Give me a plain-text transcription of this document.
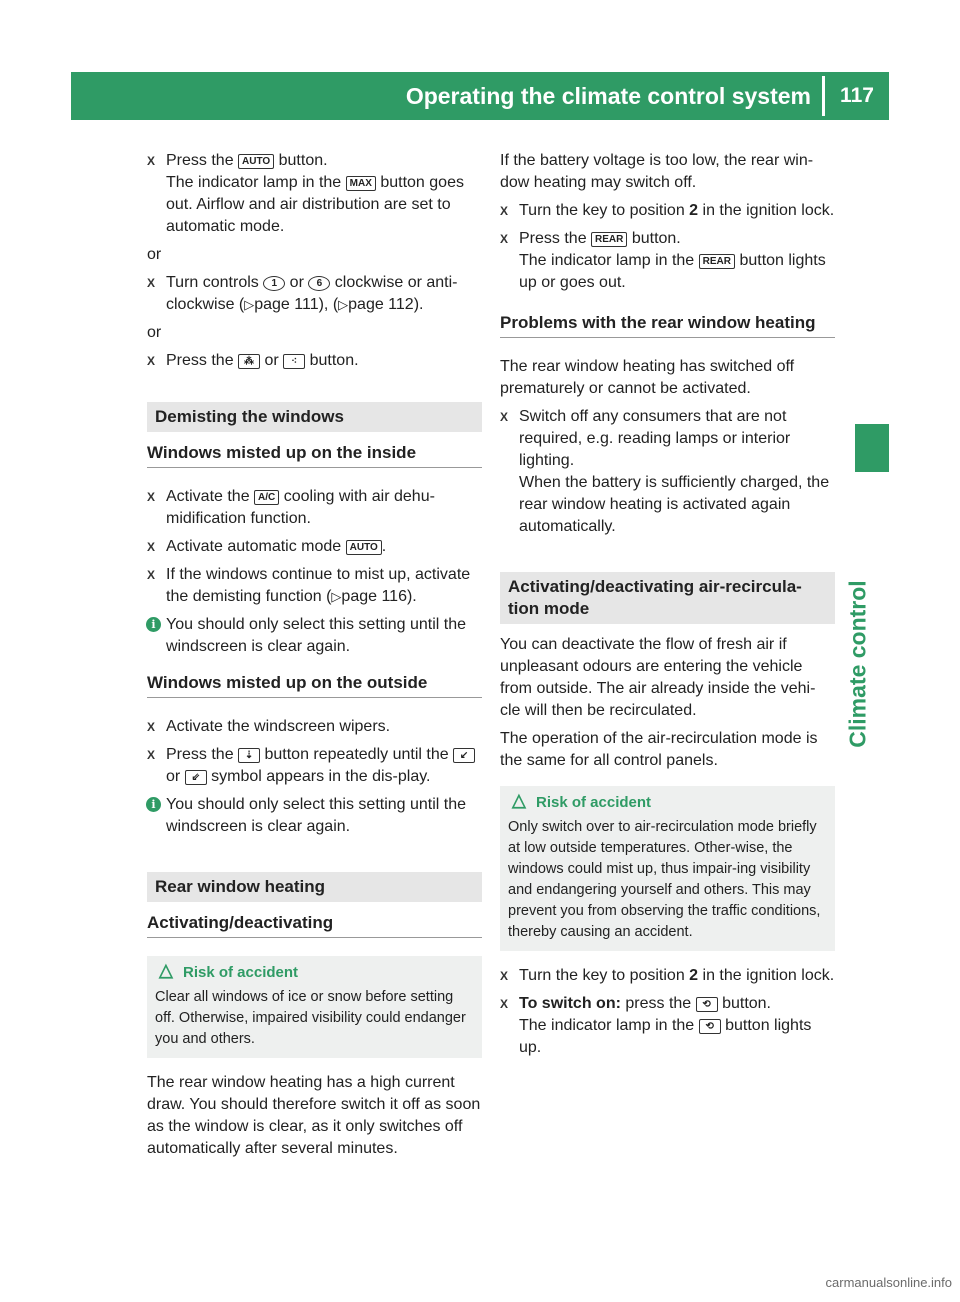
Operating the climate control system	117
Climate control
X Press the AUTO button.
The indicator lamp in the MAX button goes out. Airflow and air distribution are set to automatic mode.

or

X Turn controls 1 or 6 clockwise or anti-clockwise (▷page 111), (▷page 112).

or

X Press the ⁂ or ⁖ button.
Demisting the windows
Windows misted up on the inside
X Activate the A/C cooling with air dehu-midification function.
X Activate automatic mode AUTO .
X If the windows continue to mist up, activate the demisting function (▷page 116).
i You should only select this setting until the windscreen is clear again.
Windows misted up on the outside
X Activate the windscreen wipers.
X Press the ⇣ button repeatedly until the ↙ or ⇙ symbol appears in the dis-play.
i You should only select this setting until the windscreen is clear again.
Rear window heating
Activating/deactivating
△ Risk of accident
Clear all windows of ice or snow before setting off. Otherwise, impaired visibility could endanger you and others.

The rear window heating has a high current draw. You should therefore switch it off as soon as the window is clear, as it only switches off automatically after several minutes.

If the battery voltage is too low, the rear win-dow heating may switch off.

X Turn the key to position 2 in the ignition lock.
X Press the REAR button.
The indicator lamp in the REAR button lights up or goes out.
Problems with the rear window heating

The rear window heating has switched off prematurely or cannot be activated.

X Switch off any consumers that are not required, e.g. reading lamps or interior lighting.
When the battery is sufficiently charged, the rear window heating is activated again automatically.
Activating/deactivating air-recircula-tion mode

You can deactivate the flow of fresh air if unpleasant odours are entering the vehicle from outside. The air already inside the vehi-cle will then be recirculated.

The operation of the air-recirculation mode is the same for all control panels.

△ Risk of accident
Only switch over to air-recirculation mode briefly at low outside temperatures. Other-wise, the windows could mist up, thus impair-ing visibility and endangering yourself and others. This may prevent you from observing the traffic conditions, thereby causing an accident.
X Turn the key to position 2 in the ignition lock.
X To switch on: press the ⟲ button.
The indicator lamp in the ⟲ button lights up.
carmanualsonline.info
